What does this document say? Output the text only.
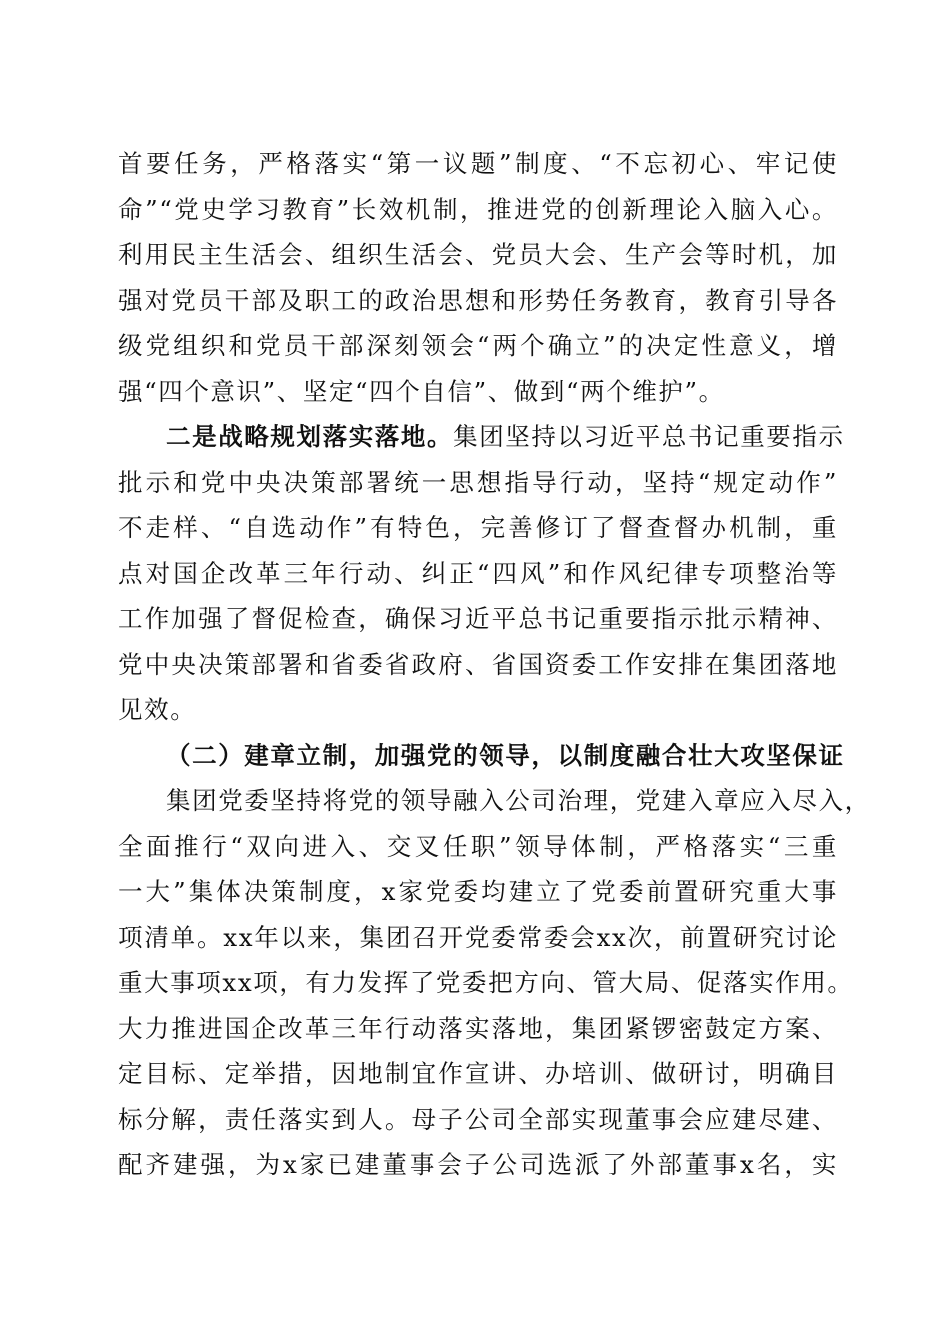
首要任务，严格落实“第一议题”制度、“不忘初心、牢记使
命”“党史学习教育”长效机制，推进党的创新理论入脑入心。
利用民主生活会、组织生活会、党员大会、生产会等时机，加
强对党员干部及职工的政治思想和形势任务教育，教育引导各
级党组织和党员干部深刻领会“两个确立”的决定性意义，增
强“四个意识”、坚定“四个自信”、做到“两个维护”。
二是战略规划落实落地。集团坚持以习近平总书记重要指示
批示和党中央决策部署统一思想指导行动，坚持“规定动作”
不走样、“自选动作”有特色，完善修订了督查督办机制，重
点对国企改革三年行动、纠正“四风”和作风纪律专项整治等
工作加强了督促检查，确保习近平总书记重要指示批示精神、
党中央决策部署和省委省政府、省国资委工作安排在集团落地
见效。
（二）建章立制，加强党的领导，以制度融合壮大攻坚保证
集团党委坚持将党的领导融入公司治理，党建入章应入尽入，
全面推行“双向进入、交叉任职”领导体制，严格落实“三重
一大”集体决策制度，x家党委均建立了党委前置研究重大事
项清单。xx年以来，集团召开党委常委会xx次，前置研究讨论
重大事项xx项，有力发挥了党委把方向、管大局、促落实作用。
大力推进国企改革三年行动落实落地，集团紧锣密鼓定方案、
定目标、定举措，因地制宜作宣讲、办培训、做研讨，明确目
标分解，责任落实到人。母子公司全部实现董事会应建尽建、
配齐建强，为x家已建董事会子公司选派了外部董事x名，实
